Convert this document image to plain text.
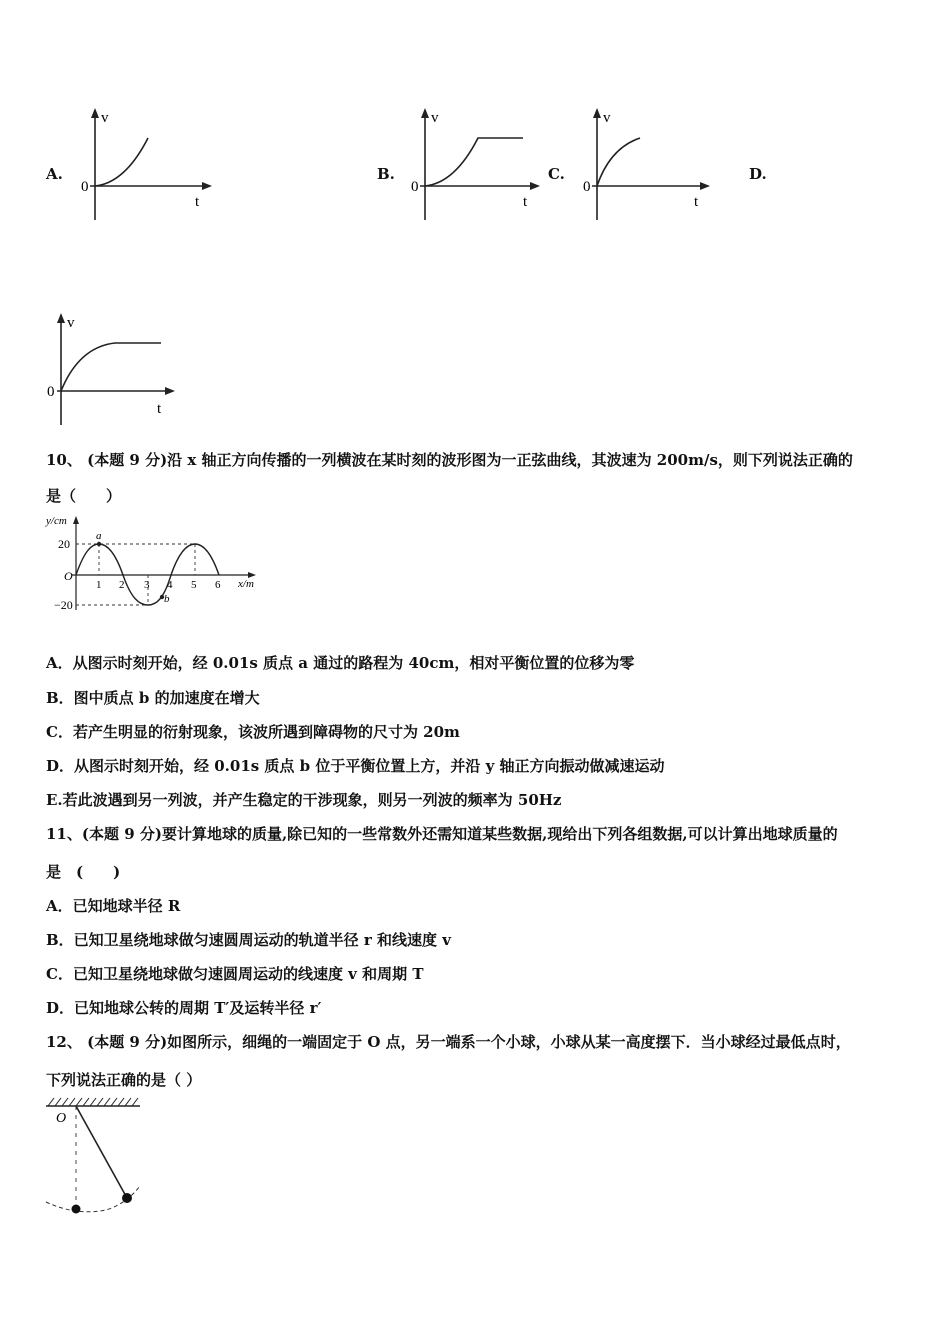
A.
v
0
t
B.
v
0
t
C.
v
0
t
D.
v
0
t
10、 (本题 9 分)沿 x 轴正方向传播的一列横波在某时刻的波形图为一正弦曲线，其波速为 200m/s，则下列说法正确的
是（　　）
y/cm
x/m
O
20
−20
1 2 3 4 5 6
a
b
A．从图示时刻开始，经 0.01s 质点 a 通过的路程为 40cm，相对平衡位置的位移为零
B．图中质点 b 的加速度在增大
C．若产生明显的衍射现象，该波所遇到障碍物的尺寸为 20m
D．从图示时刻开始，经 0.01s 质点 b 位于平衡位置上方，并沿 y 轴正方向振动做减速运动
E.若此波遇到另一列波，并产生稳定的干涉现象，则另一列波的频率为 50Hz
11、(本题 9 分)要计算地球的质量,除已知的一些常数外还需知道某些数据,现给出下列各组数据,可以计算出地球质量的
是　(　　)
A．已知地球半径 R
B．已知卫星绕地球做匀速圆周运动的轨道半径 r 和线速度 v
C．已知卫星绕地球做匀速圆周运动的线速度 v 和周期 T
D．已知地球公转的周期 T′及运转半径 r′
12、 (本题 9 分)如图所示，细绳的一端固定于 O 点，另一端系一个小球，小球从某一高度摆下．当小球经过最低点时，
下列说法正确的是（ ）
O
